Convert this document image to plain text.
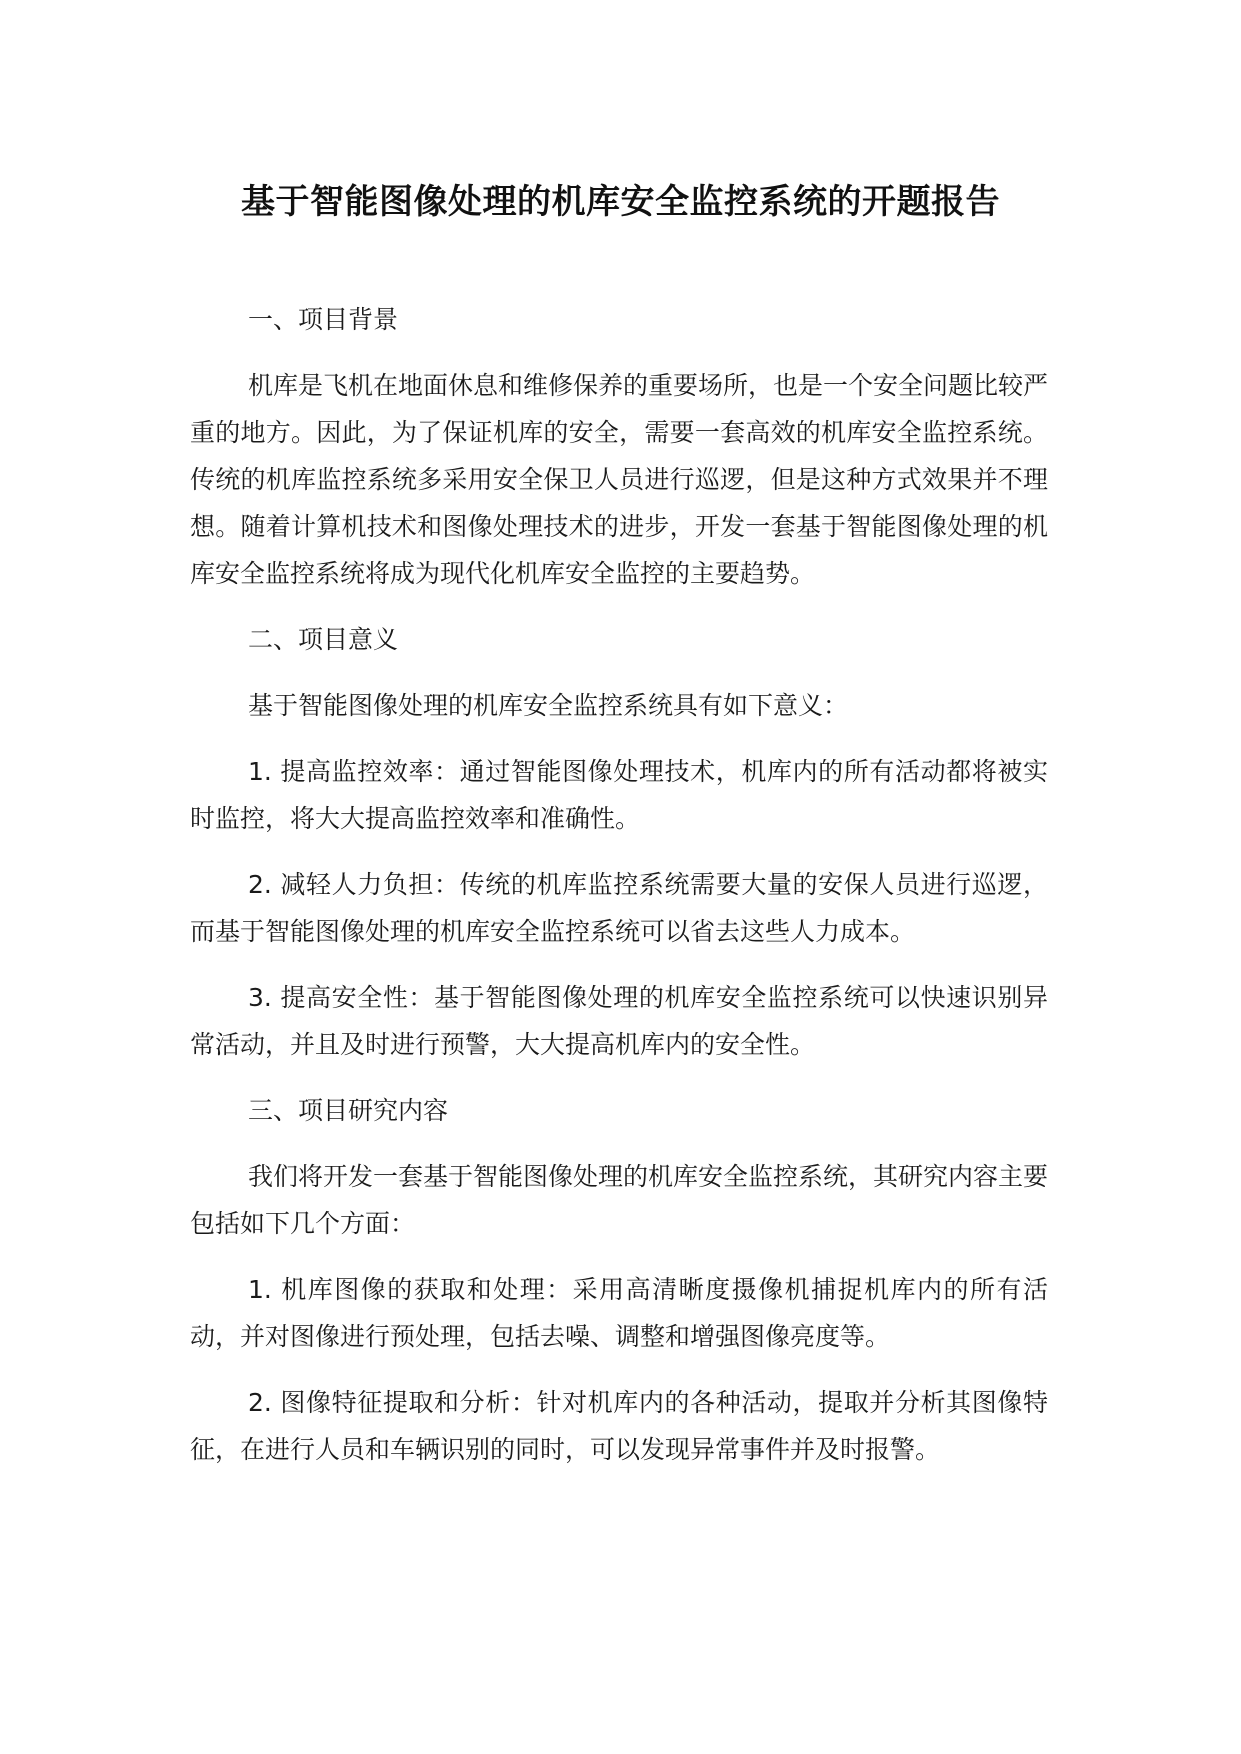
基于智能图像处理的机库安全监控系统的开题报告
一、项目背景
机库是飞机在地面休息和维修保养的重要场所，也是一个安全问题比较严重的地方。因此，为了保证机库的安全，需要一套高效的机库安全监控系统。传统的机库监控系统多采用安全保卫人员进行巡逻，但是这种方式效果并不理想。随着计算机技术和图像处理技术的进步，开发一套基于智能图像处理的机库安全监控系统将成为现代化机库安全监控的主要趋势。
二、项目意义
基于智能图像处理的机库安全监控系统具有如下意义：
1. 提高监控效率：通过智能图像处理技术，机库内的所有活动都将被实时监控，将大大提高监控效率和准确性。
2. 减轻人力负担：传统的机库监控系统需要大量的安保人员进行巡逻，而基于智能图像处理的机库安全监控系统可以省去这些人力成本。
3. 提高安全性：基于智能图像处理的机库安全监控系统可以快速识别异常活动，并且及时进行预警，大大提高机库内的安全性。
三、项目研究内容
我们将开发一套基于智能图像处理的机库安全监控系统，其研究内容主要包括如下几个方面：
1. 机库图像的获取和处理：采用高清晰度摄像机捕捉机库内的所有活动，并对图像进行预处理，包括去噪、调整和增强图像亮度等。
2. 图像特征提取和分析：针对机库内的各种活动，提取并分析其图像特征，在进行人员和车辆识别的同时，可以发现异常事件并及时报警。
